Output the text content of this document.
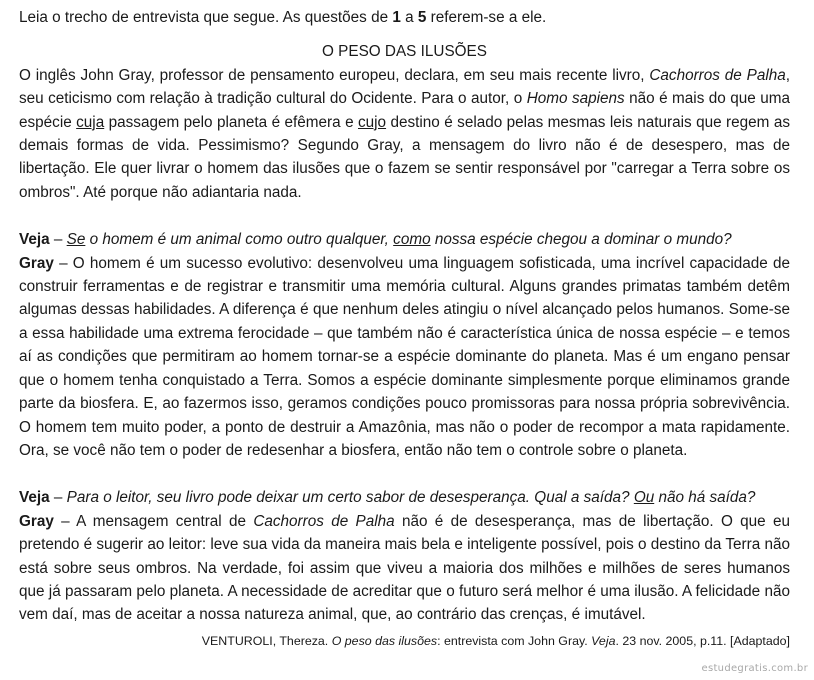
Leia o trecho de entrevista que segue. As questões de 1 a 5 referem-se a ele.

O PESO DAS ILUSÕES

O inglês John Gray, professor de pensamento europeu, declara, em seu mais recente livro, Cachorros de Palha, seu ceticismo com relação à tradição cultural do Ocidente. Para o autor, o Homo sapiens não é mais do que uma espécie cuja passagem pelo planeta é efêmera e cujo destino é selado pelas mesmas leis naturais que regem as demais formas de vida. Pessimismo? Segundo Gray, a mensagem do livro não é de desespero, mas de libertação. Ele quer livrar o homem das ilusões que o fazem se sentir responsável por "carregar a Terra sobre os ombros". Até porque não adiantaria nada.

Veja – Se o homem é um animal como outro qualquer, como nossa espécie chegou a dominar o mundo?

Gray – O homem é um sucesso evolutivo: desenvolveu uma linguagem sofisticada, uma incrível capacidade de construir ferramentas e de registrar e transmitir uma memória cultural. Alguns grandes primatas também detêm algumas dessas habilidades. A diferença é que nenhum deles atingiu o nível alcançado pelos humanos. Some-se a essa habilidade uma extrema ferocidade – que também não é característica única de nossa espécie – e temos aí as condições que permitiram ao homem tornar-se a espécie dominante do planeta. Mas é um engano pensar que o homem tenha conquistado a Terra. Somos a espécie dominante simplesmente porque eliminamos grande parte da biosfera. E, ao fazermos isso, geramos condições pouco promissoras para nossa própria sobrevivência. O homem tem muito poder, a ponto de destruir a Amazônia, mas não o poder de recompor a mata rapidamente. Ora, se você não tem o poder de redesenhar a biosfera, então não tem o controle sobre o planeta.

Veja – Para o leitor, seu livro pode deixar um certo sabor de desesperança. Qual a saída? Ou não há saída?

Gray – A mensagem central de Cachorros de Palha não é de desesperança, mas de libertação. O que eu pretendo é sugerir ao leitor: leve sua vida da maneira mais bela e inteligente possível, pois o destino da Terra não está sobre seus ombros. Na verdade, foi assim que viveu a maioria dos milhões e milhões de seres humanos que já passaram pelo planeta. A necessidade de acreditar que o futuro será melhor é uma ilusão. A felicidade não vem daí, mas de aceitar a nossa natureza animal, que, ao contrário das crenças, é imutável.

VENTUROLI, Thereza. O peso das ilusões: entrevista com John Gray. Veja. 23 nov. 2005, p.11. [Adaptado]

estudegratis.com.br
